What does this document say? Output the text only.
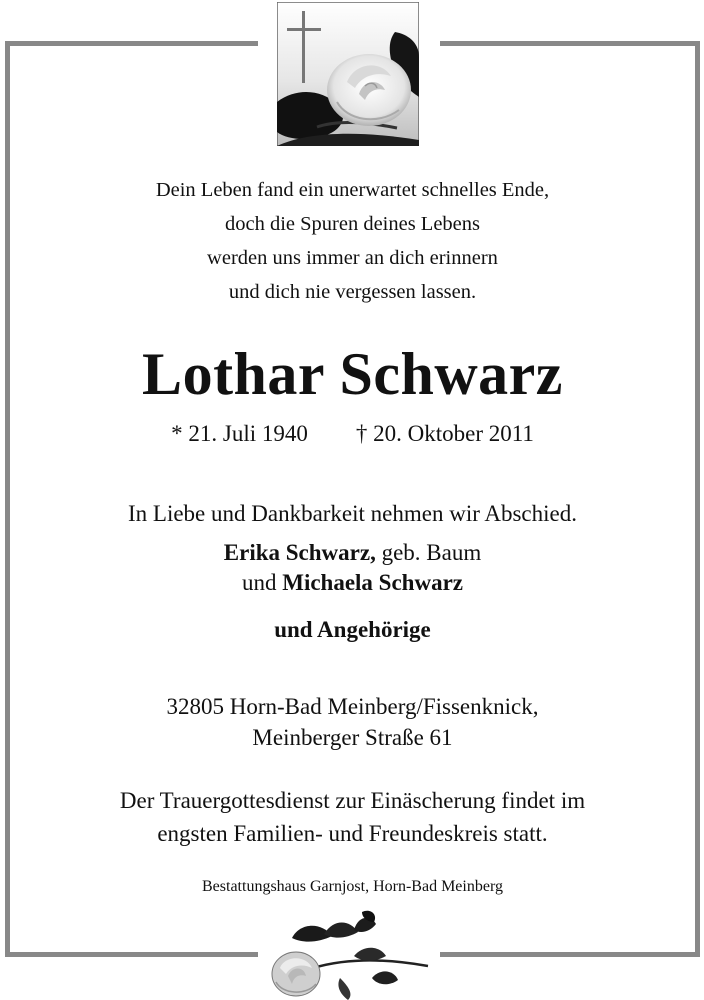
Dein Leben fand ein unerwartet schnelles Ende,
doch die Spuren deines Lebens
werden uns immer an dich erinnern
und dich nie vergessen lassen.
Lothar Schwarz
* 21. Juli 1940 † 20. Oktober 2011
In Liebe und Dankbarkeit nehmen wir Abschied.
Erika Schwarz, geb. Baum
und Michaela Schwarz
und Angehörige
32805 Horn-Bad Meinberg/Fissenknick,
Meinberger Straße 61
Der Trauergottesdienst zur Einäscherung findet im
engsten Familien- und Freundeskreis statt.
Bestattungshaus Garnjost, Horn-Bad Meinberg
